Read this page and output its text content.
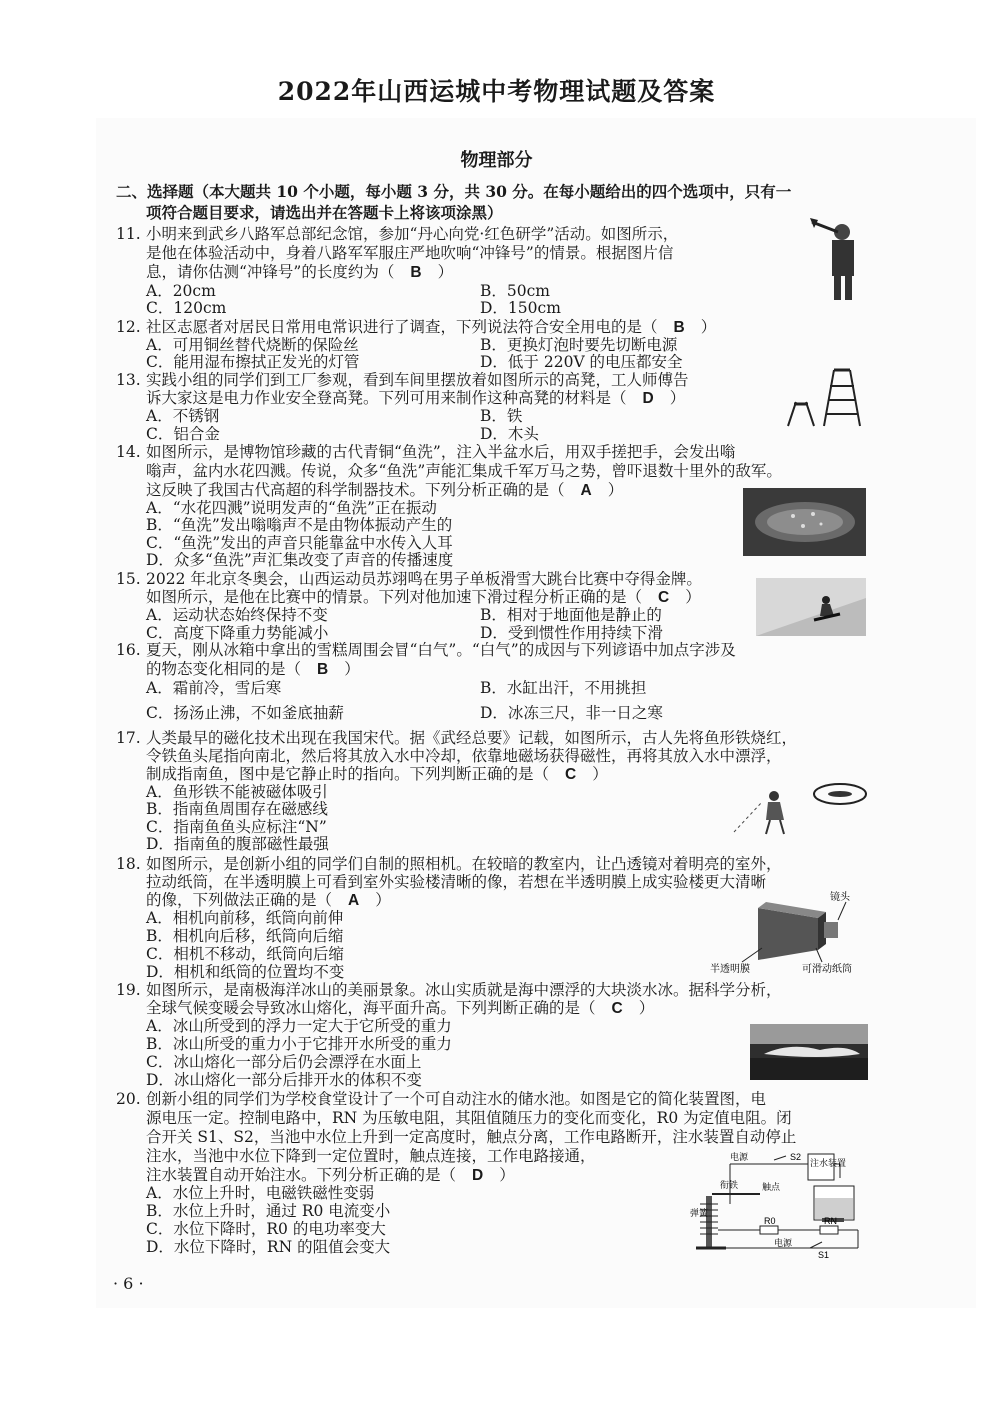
2022年山西运城中考物理试题及答案
物理部分
二、选择题（本大题共 10 个小题，每小题 3 分，共 30 分。在每小题给出的四个选项中，只有一
项符合题目要求，请选出并在答题卡上将该项涂黑）
11. 小明来到武乡八路军总部纪念馆，参加“丹心向党·红色研学”活动。如图所示，
是他在体验活动中，身着八路军军服庄严地吹响“冲锋号”的情景。根据图片信
息，请你估测“冲锋号”的长度约为（ B ）
A．20cm	B．50cm
C．120cm	D．150cm
12. 社区志愿者对居民日常用电常识进行了调查，下列说法符合安全用电的是（ B ）
A．可用铜丝替代烧断的保险丝	B．更换灯泡时要先切断电源
C．能用湿布擦拭正发光的灯管	D．低于 220V 的电压都安全
13. 实践小组的同学们到工厂参观，看到车间里摆放着如图所示的高凳，工人师傅告
诉大家这是电力作业安全登高凳。下列可用来制作这种高凳的材料是（ D ）
A．不锈钢	B．铁
C．铝合金	D．木头
14. 如图所示，是博物馆珍藏的古代青铜“鱼洗”，注入半盆水后，用双手搓把手，会发出嗡
嗡声，盆内水花四溅。传说，众多“鱼洗”声能汇集成千军万马之势，曾吓退数十里外的敌军。
这反映了我国古代高超的科学制器技术。下列分析正确的是（ A ）
A．“水花四溅”说明发声的“鱼洗”正在振动
B．“鱼洗”发出嗡嗡声不是由物体振动产生的
C．“鱼洗”发出的声音只能靠盆中水传入人耳
D．众多“鱼洗”声汇集改变了声音的传播速度
15. 2022 年北京冬奥会，山西运动员苏翊鸣在男子单板滑雪大跳台比赛中夺得金牌。
如图所示，是他在比赛中的情景。下列对他加速下滑过程分析正确的是（ C ）
A．运动状态始终保持不变	B．相对于地面他是静止的
C．高度下降重力势能减小	D．受到惯性作用持续下滑
16. 夏天，刚从冰箱中拿出的雪糕周围会冒“白气”。“白气”的成因与下列谚语中加点字涉及
的物态变化相同的是（ B ）
A．霜前冷，雪后寒	B．水缸出汗，不用挑担
C．扬汤止沸，不如釜底抽薪	D．冰冻三尺，非一日之寒
17. 人类最早的磁化技术出现在我国宋代。据《武经总要》记载，如图所示，古人先将鱼形铁烧红，
令铁鱼头尾指向南北，然后将其放入水中冷却，依靠地磁场获得磁性，再将其放入水中漂浮，
制成指南鱼，图中是它静止时的指向。下列判断正确的是（ C ）
A．鱼形铁不能被磁体吸引
B．指南鱼周围存在磁感线
C．指南鱼鱼头应标注“N”
D．指南鱼的腹部磁性最强
18. 如图所示，是创新小组的同学们自制的照相机。在较暗的教室内，让凸透镜对着明亮的室外，
拉动纸筒，在半透明膜上可看到室外实验楼清晰的像，若想在半透明膜上成实验楼更大清晰
的像，下列做法正确的是（ A ）
A．相机向前移，纸筒向前伸
B．相机向后移，纸筒向后缩
C．相机不移动，纸筒向后缩
D．相机和纸筒的位置均不变
镜头
半透明膜	可滑动纸筒
19. 如图所示，是南极海洋冰山的美丽景象。冰山实质就是海中漂浮的大块淡水冰。据科学分析，
全球气候变暖会导致冰山熔化，海平面升高。下列判断正确的是（ C ）
A．冰山所受到的浮力一定大于它所受的重力
B．冰山所受的重力小于它排开水所受的重力
C．冰山熔化一部分后仍会漂浮在水面上
D．冰山熔化一部分后排开水的体积不变
20. 创新小组的同学们为学校食堂设计了一个可自动注水的储水池。如图是它的简化装置图，电
源电压一定。控制电路中，RN 为压敏电阻，其阻值随压力的变化而变化，R0 为定值电阻。闭
合开关 S1、S2，当池中水位上升到一定高度时，触点分离，工作电路断开，注水装置自动停止
注水，当池中水位下降到一定位置时，触点连接，工作电路接通，
注水装置自动开始注水。下列分析正确的是（ D ）
A．水位上升时，电磁铁磁性变弱
B．水位上升时，通过 R0 电流变小
C．水位下降时，R0 的电功率变大
D．水位下降时，RN 的阻值会变大
电源	S2
注水装置
衔铁	触点
弹簧
R0	RN
电源
S1
· 6 ·
